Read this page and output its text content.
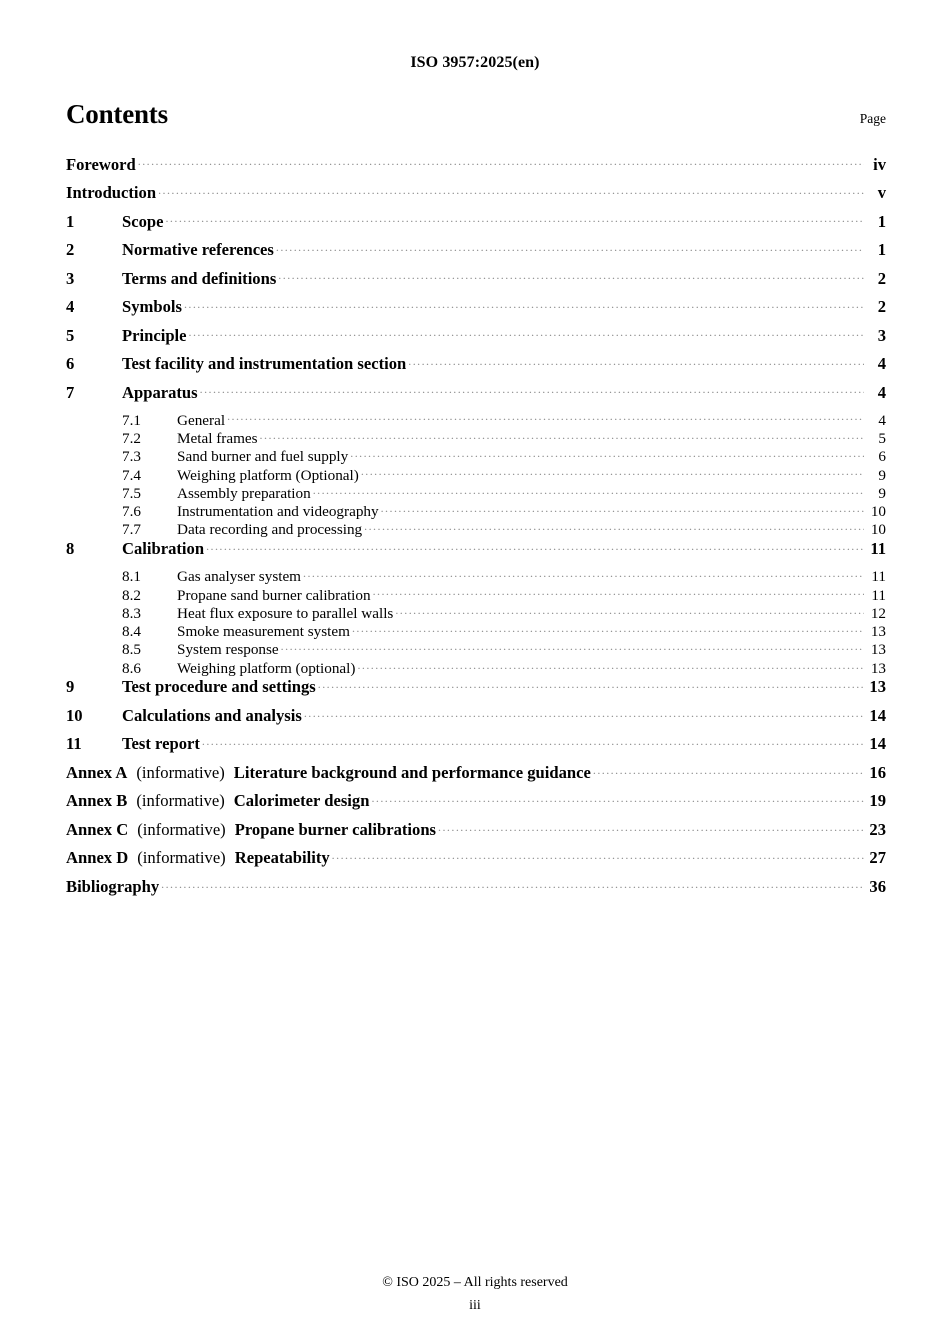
ISO 3957:2025(en)
Contents	Page
Foreword .....	iv
Introduction .....	v
1	Scope .....	1
2	Normative references .....	1
3	Terms and definitions .....	2
4	Symbols .....	2
5	Principle .....	3
6	Test facility and instrumentation section .....	4
7	Apparatus .....	4
7.1	General .....	4
7.2	Metal frames .....	5
7.3	Sand burner and fuel supply .....	6
7.4	Weighing platform (Optional) .....	9
7.5	Assembly preparation .....	9
7.6	Instrumentation and videography .....	10
7.7	Data recording and processing .....	10
8	Calibration .....	11
8.1	Gas analyser system .....	11
8.2	Propane sand burner calibration .....	11
8.3	Heat flux exposure to parallel walls .....	12
8.4	Smoke measurement system .....	13
8.5	System response .....	13
8.6	Weighing platform (optional) .....	13
9	Test procedure and settings .....	13
10	Calculations and analysis .....	14
11	Test report .....	14
Annex A (informative) Literature background and performance guidance .....	16
Annex B (informative) Calorimeter design .....	19
Annex C (informative) Propane burner calibrations .....	23
Annex D (informative) Repeatability .....	27
Bibliography .....	36
© ISO 2025 – All rights reserved
iii
